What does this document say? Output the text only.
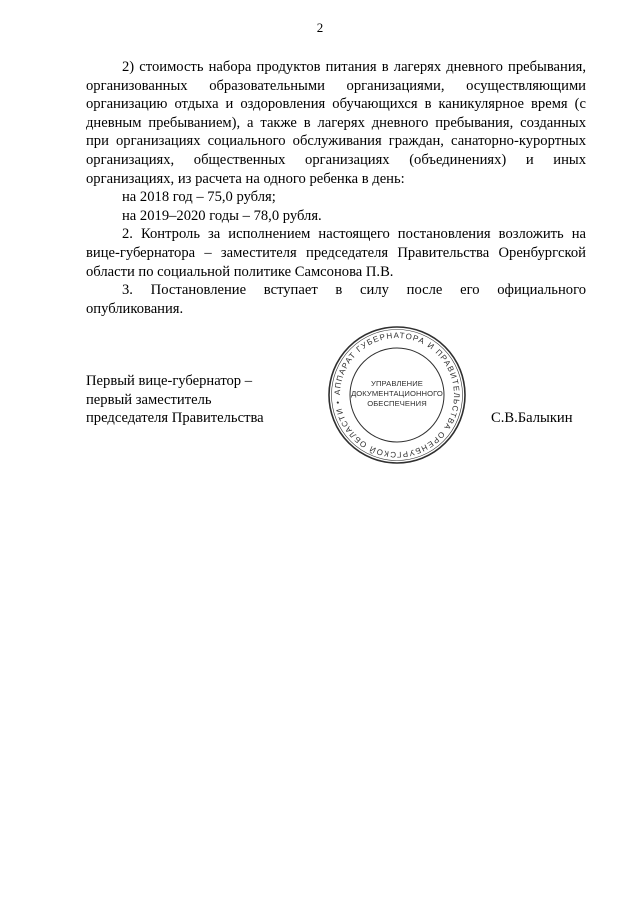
2

2) стоимость набора продуктов питания в лагерях дневного пребывания, организованных образовательными организациями, осуществляющими организацию отдыха и оздоровления обучающихся в каникулярное время (с дневным пребыванием), а также в лагерях дневного пребывания, созданных при организациях социального обслуживания граждан, санаторно-курортных организациях, общественных организациях (объединениях) и иных организациях, из расчета на одного ребенка в день:

на 2018 год – 75,0 рубля;

на 2019–2020 годы – 78,0 рубля.

2. Контроль за исполнением настоящего постановления возложить на вице-губернатора – заместителя председателя Правительства Оренбургской области по социальной политике Самсонова П.В.

3. Постановление вступает в силу после его официального опубликования.

Первый вице-губернатор –
первый заместитель
председателя Правительства	С.В.Балыкин
АППАРАТ ГУБЕРНАТОРА И ПРАВИТЕЛЬСТВА ОРЕНБУРГСКОЙ ОБЛАСТИ •
УПРАВЛЕНИЕ
ДОКУМЕНТАЦИОННОГО
ОБЕСПЕЧЕНИЯ
